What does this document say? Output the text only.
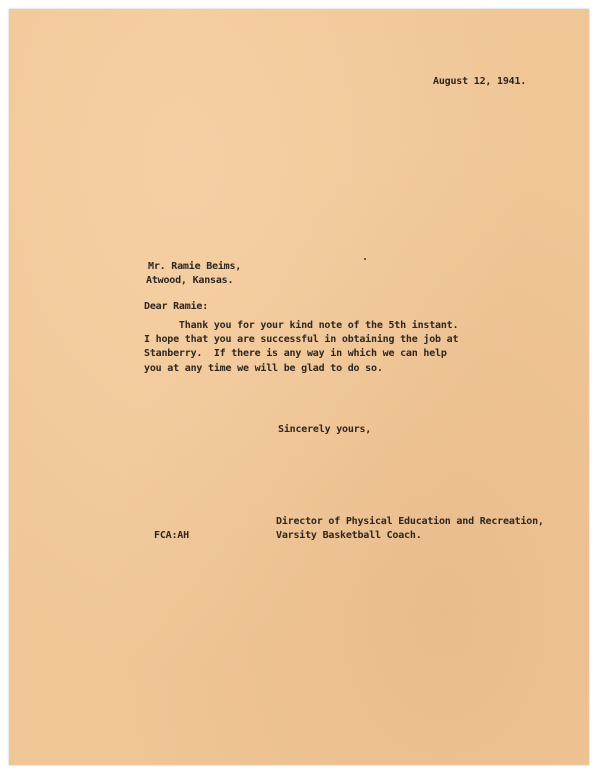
August 12, 1941.

Mr. Ramie Beims,

Atwood, Kansas.

Dear Ramie:

Thank you for your kind note of the 5th instant.
I hope that you are successful in obtaining the job at
Stanberry.  If there is any way in which we can help
you at any time we will be glad to do so.

Sincerely yours,

Director of Physical Education and Recreation,

Varsity Basketball Coach.

FCA:AH
